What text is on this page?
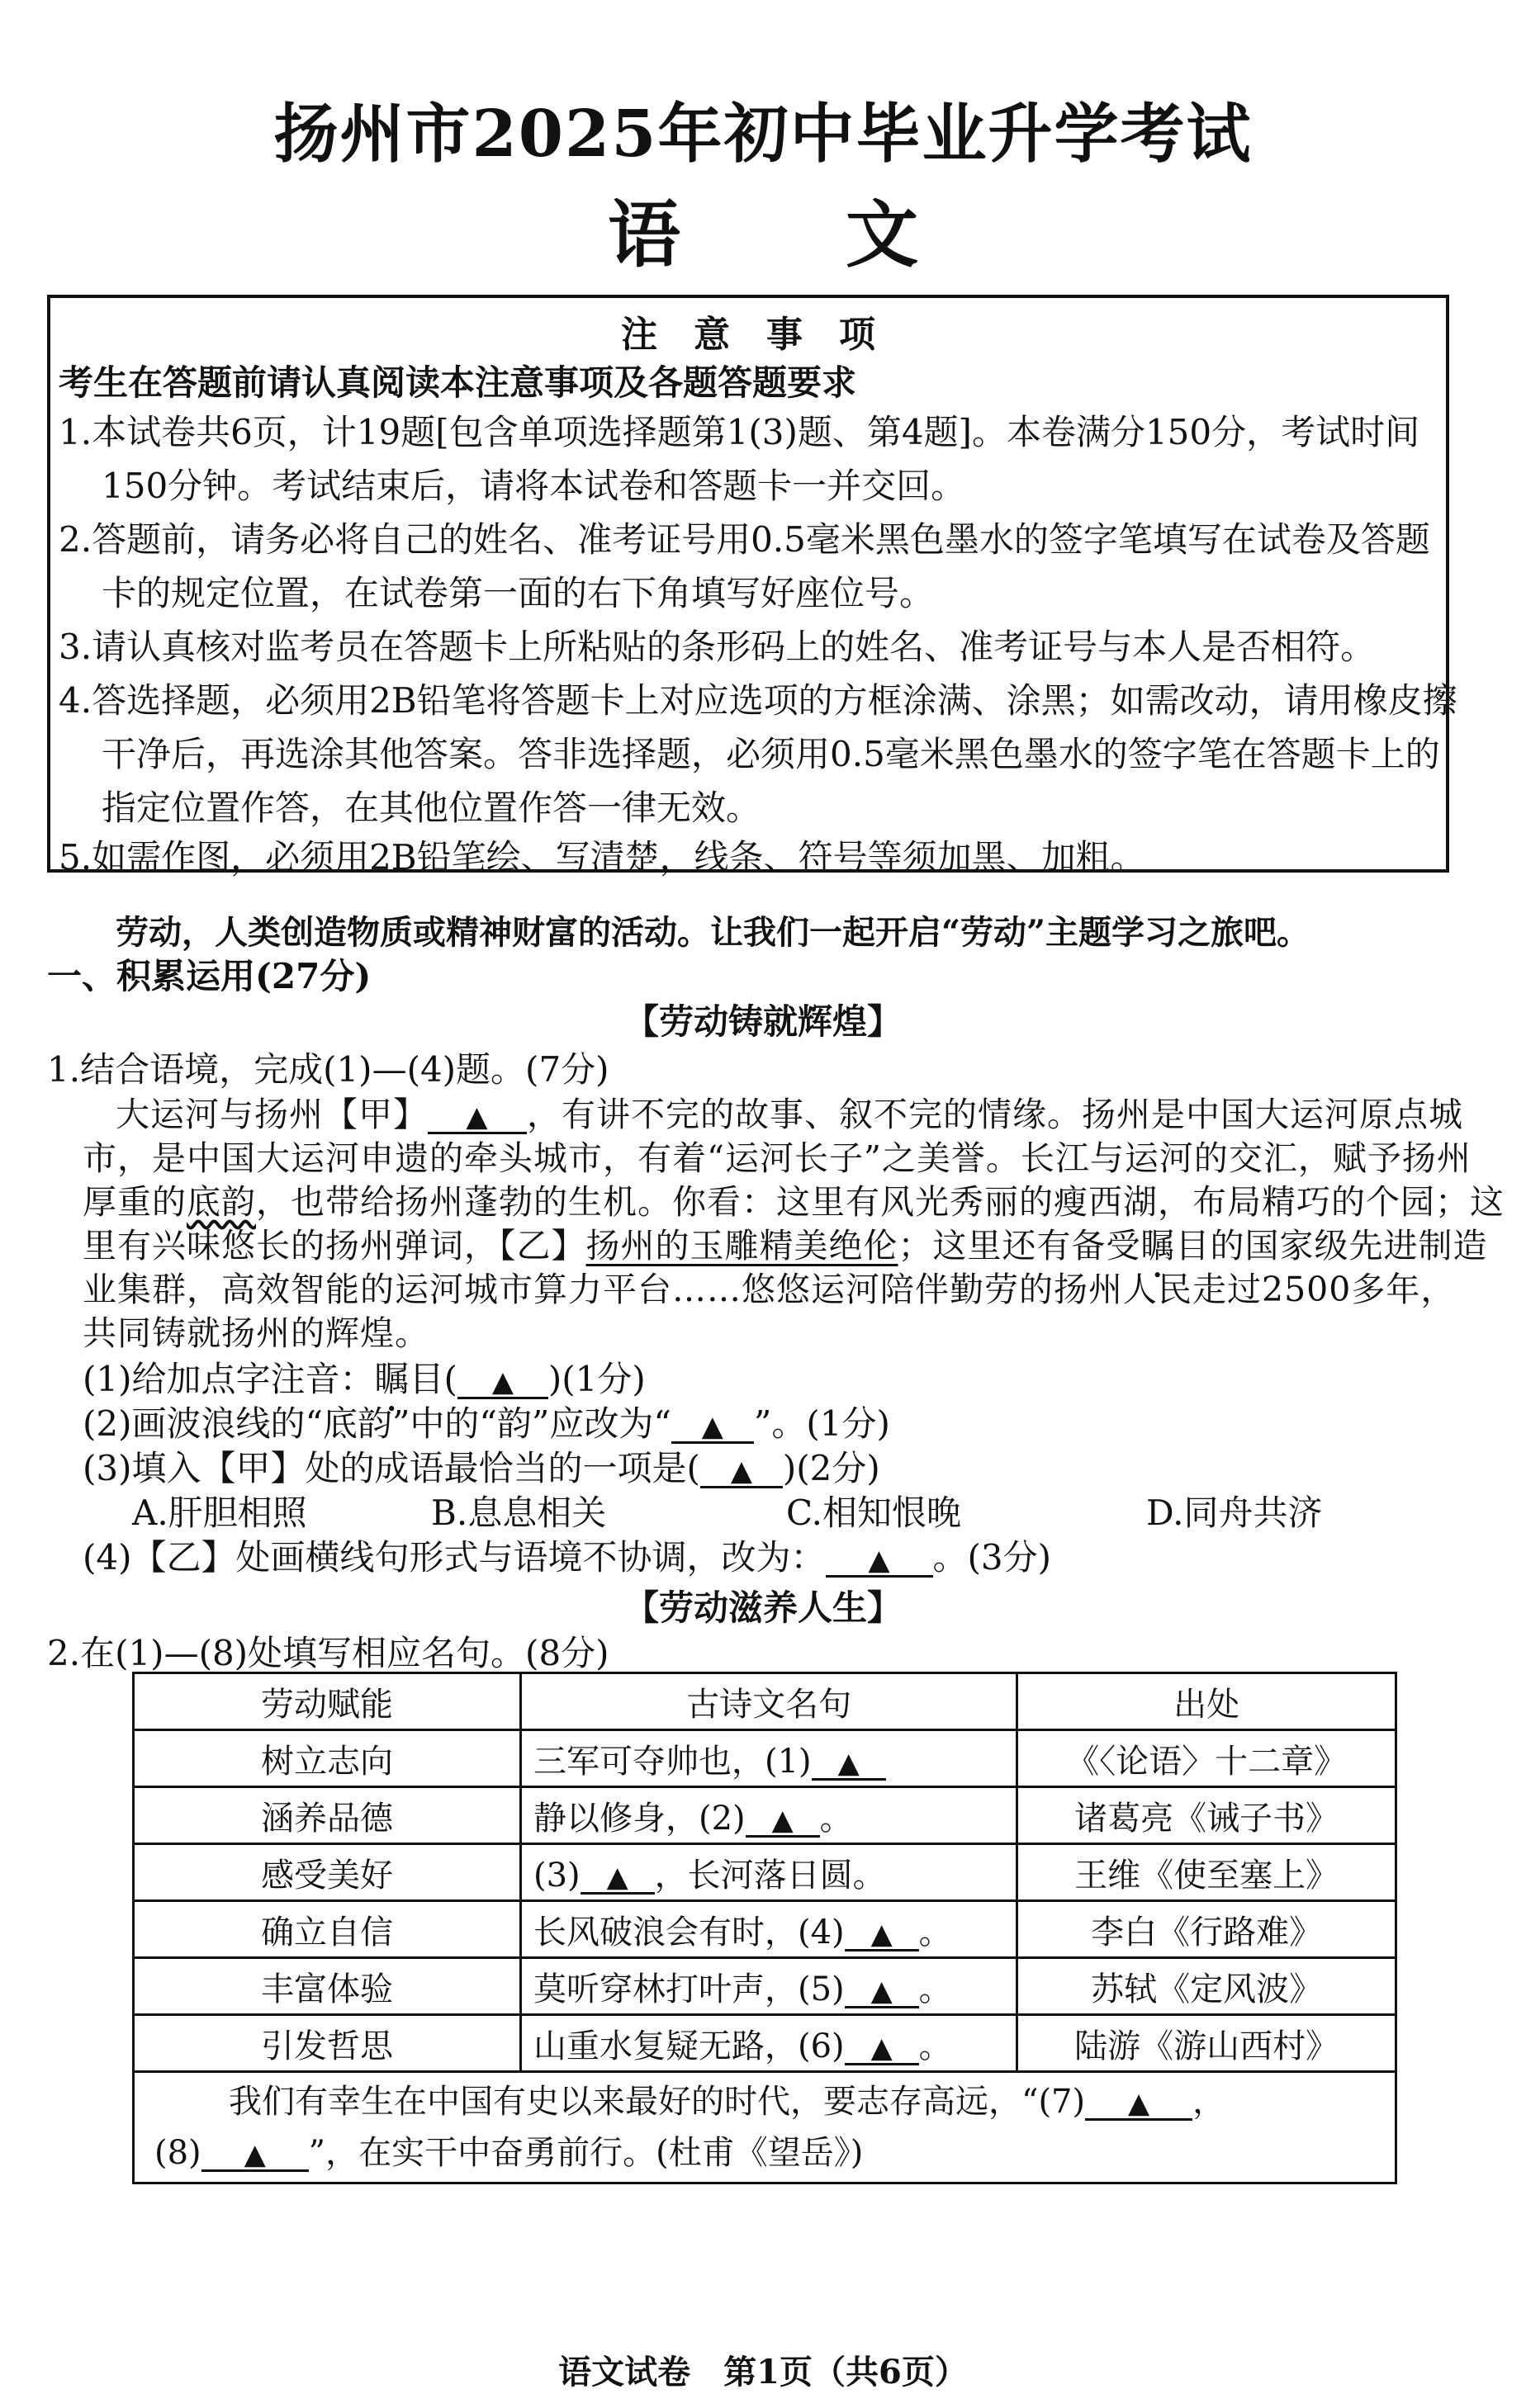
扬州市2025年初中毕业升学考试
语文
注意事项
考生在答题前请认真阅读本注意事项及各题答题要求
1.本试卷共6页，计19题[包含单项选择题第1(3)题、第4题]。本卷满分150分，考试时间
150分钟。考试结束后，请将本试卷和答题卡一并交回。
2.答题前，请务必将自己的姓名、准考证号用0.5毫米黑色墨水的签字笔填写在试卷及答题
卡的规定位置，在试卷第一面的右下角填写好座位号。
3.请认真核对监考员在答题卡上所粘贴的条形码上的姓名、准考证号与本人是否相符。
4.答选择题，必须用2B铅笔将答题卡上对应选项的方框涂满、涂黑；如需改动，请用橡皮擦
干净后，再选涂其他答案。答非选择题，必须用0.5毫米黑色墨水的签字笔在答题卡上的
指定位置作答，在其他位置作答一律无效。
5.如需作图，必须用2B铅笔绘、写清楚，线条、符号等须加黑、加粗。
劳动，人类创造物质或精神财富的活动。让我们一起开启“劳动”主题学习之旅吧。
一、积累运用(27分)
【劳动铸就辉煌】
1.结合语境，完成(1)—(4)题。(7分)
大运河与扬州【甲】 ▲ ，有讲不完的故事、叙不完的情缘。扬州是中国大运河原点城
市，是中国大运河申遗的牵头城市，有着“运河长子”之美誉。长江与运河的交汇，赋予扬州
厚重的底韵，也带给扬州蓬勃的生机。你看：这里有风光秀丽的瘦西湖，布局精巧的个园；这
里有兴味悠长的扬州弹词，【乙】扬州的玉雕精美绝伦；这里还有备受瞩目的国家级先进制造
业集群，高效智能的运河城市算力平台……悠悠运河陪伴勤劳的扬州人民走过2500多年，
共同铸就扬州的辉煌。
(1)给加点字注音：瞩目( ▲ )(1分)
(2)画波浪线的“底韵”中的“韵”应改为“ ▲ ”。(1分)
(3)填入【甲】处的成语最恰当的一项是( ▲ )(2分)
A.肝胆相照	B.息息相关	C.相知恨晚	D.同舟共济
(4)【乙】处画横线句形式与语境不协调，改为： ▲ 。(3分)
【劳动滋养人生】
2.在(1)—(8)处填写相应名句。(8分)
劳动赋能	古诗文名句	出处
树立志向	三军可夺帅也，(1) ▲	《〈论语〉十二章》
涵养品德	静以修身，(2) ▲ 。	诸葛亮《诫子书》
感受美好	(3) ▲ ，长河落日圆。	王维《使至塞上》
确立自信	长风破浪会有时，(4) ▲ 。	李白《行路难》
丰富体验	莫听穿林打叶声，(5) ▲ 。	苏轼《定风波》
引发哲思	山重水复疑无路，(6) ▲ 。	陆游《游山西村》

我们有幸生在中国有史以来最好的时代，要志存高远，“(7) ▲ ，
(8) ▲ ”，在实干中奋勇前行。(杜甫《望岳》)		
语文试卷　第1页（共6页）
